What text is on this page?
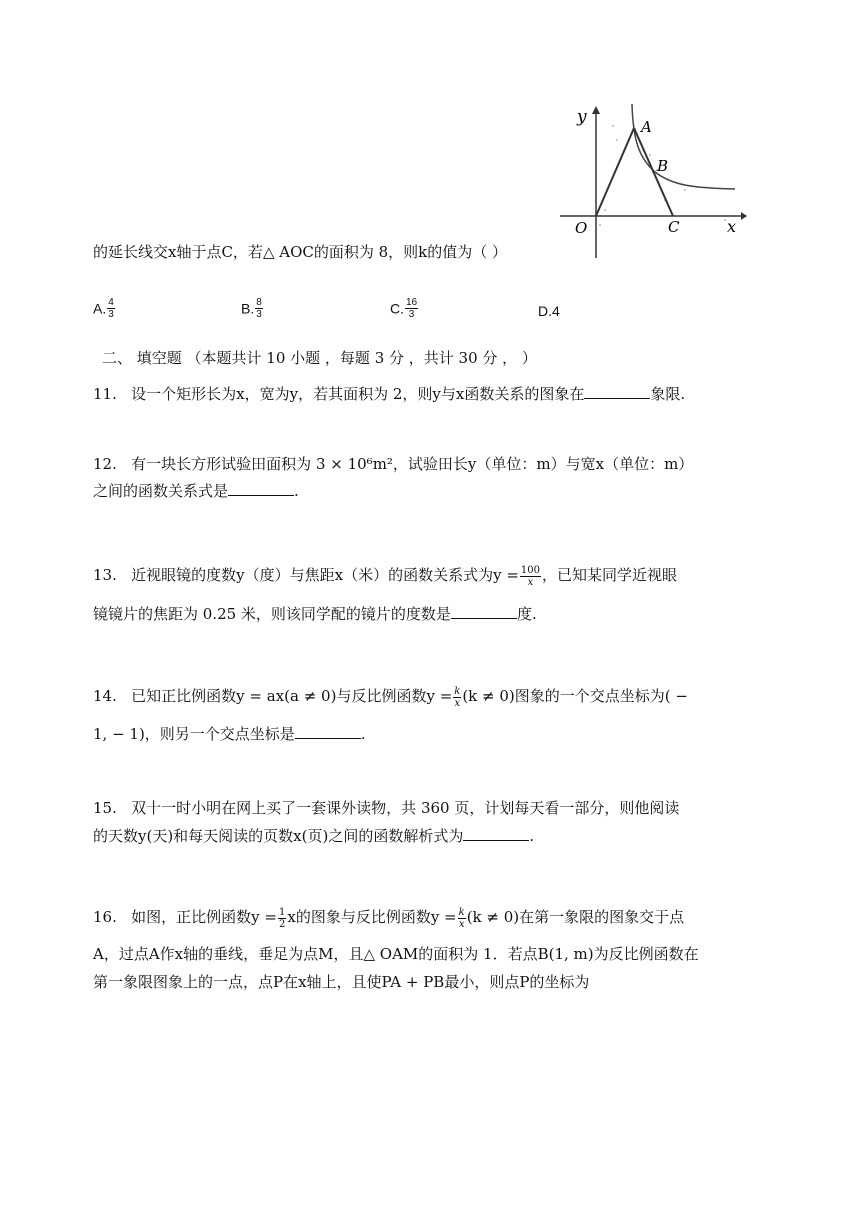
y
x
O
A
B
C
的延长线交x轴于点C，若△ AOC的面积为 8，则k的值为（ ）
A. $\frac{4}{3}$	B. $\frac{8}{3}$	C. $\frac{16}{3}$	D.4
二、 填空题 （本题共计 10 小题 ，每题 3 分 ，共计 30 分 ， ）
11. 设一个矩形长为x，宽为y，若其面积为 2，则y与x函数关系的图象在	象限.
12. 有一块长方形试验田面积为 3 × 10⁶m²，试验田长y（单位：m）与宽x（单位：m）
之间的函数关系式是	.
13. 近视眼镜的度数y（度）与焦距x（米）的函数关系式为$y = \frac{100}{x}$ ，已知某同学近视眼
镜镜片的焦距为 0.25 米，则该同学配的镜片的度数是	度.
14. 已知正比例函数y = ax(a ≠ 0)与反比例函数$y = \frac{k}{x} (k \ne 0)$图象的一个交点坐标为( −
1, − 1)，则另一个交点坐标是	.
15. 双十一时小明在网上买了一套课外读物，共 360 页，计划每天看一部分，则他阅读
的天数y(天)和每天阅读的页数x(页)之间的函数解析式为	.
16. 如图，正比例函数$y = \frac{1}{2}$ x的图象与反比例函数$y = \frac{k}{x} (k \ne 0)$在第一象限的图象交于点
A，过点A作x轴的垂线，垂足为点M，且△ OAM的面积为 1．若点B(1, m)为反比例函数在
第一象限图象上的一点，点P在x轴上，且使PA + PB最小，则点P的坐标为
